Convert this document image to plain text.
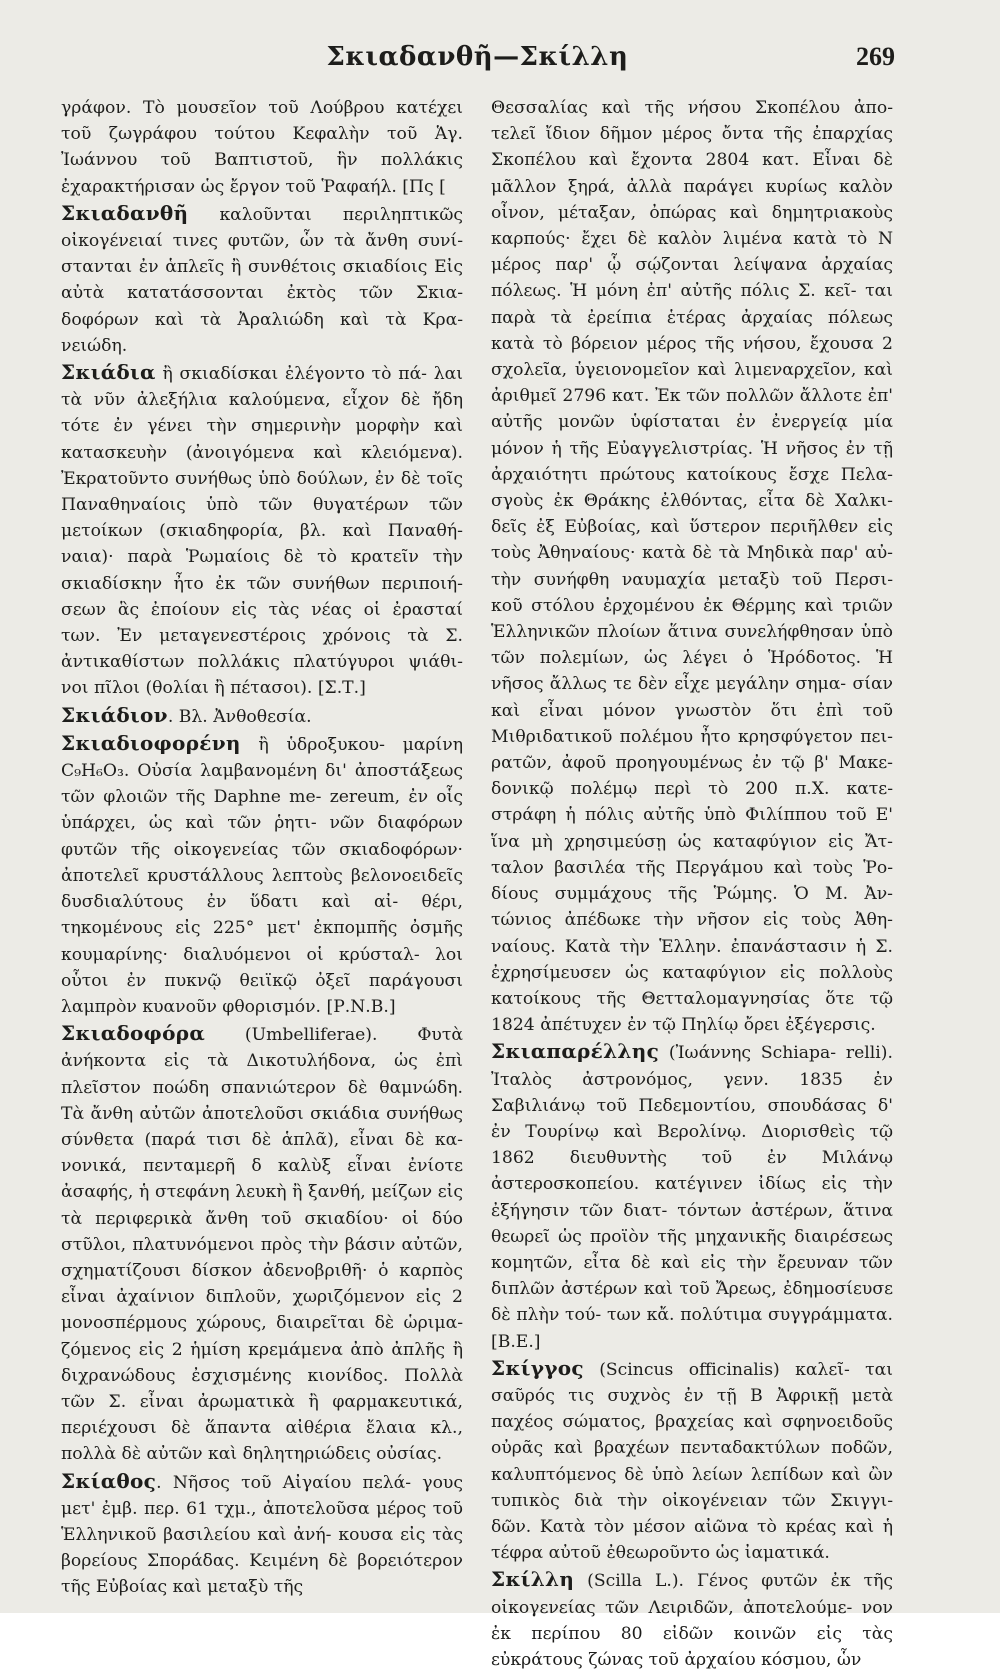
Σκιαδανθῆ—Σκίλλη	269

γράφον. Τὸ μουσεῖον τοῦ Λούβρου κατέχει τοῦ ζωγράφου τούτου Κεφαλὴν τοῦ Ἁγ. Ἰωάννου τοῦ Βαπτιστοῦ, ἣν πολλάκις ἐχαρακτήρισαν ὡς ἔργον τοῦ Ῥαφαήλ. [Πς [

Σκιαδανθῆ καλοῦνται περιληπτικῶς οἰκογένειαί τινες φυτῶν, ὧν τὰ ἄνθη συνί- στανται ἐν ἁπλεῖς ἢ συνθέτοις σκιαδίοις Εἰς αὐτὰ κατατάσσονται ἐκτὸς τῶν Σκια- δοφόρων καὶ τὰ Ἀραλιώδη καὶ τὰ Κρα- νειώδη.

Σκιάδια ἢ σκιαδίσκαι ἐλέγοντο τὸ πά- λαι τὰ νῦν ἀλεξήλια καλούμενα, εἶχον δὲ ἤδη τότε ἐν γένει τὴν σημερινὴν μορφὴν καὶ κατασκευὴν (ἀνοιγόμενα καὶ κλειόμενα). Ἐκρατοῦντο συνήθως ὑπὸ δούλων, ἐν δὲ τοῖς Παναθηναίοις ὑπὸ τῶν θυγατέρων τῶν μετοίκων (σκιαδηφορία, βλ. καὶ Παναθή- ναια)· παρὰ Ῥωμαίοις δὲ τὸ κρατεῖν τὴν σκιαδίσκην ἦτο ἐκ τῶν συνήθων περιποιή- σεων ἃς ἐποίουν εἰς τὰς νέας οἱ ἐρασταί των. Ἐν μεταγενεστέροις χρόνοις τὰ Σ. ἀντικαθίστων πολλάκις πλατύγυροι ψιάθι- νοι πῖλοι (θολίαι ἢ πέτασοι). [Σ.Τ.]

Σκιάδιον. Βλ. Ἀνθοθεσία.

Σκιαδιοφορένη ἢ ὑδροξυκου- μαρίνη C₉H₆O₃. Οὐσία λαμβανομένη δι' ἀποστάξεως τῶν φλοιῶν τῆς Daphne me- zereum, ἐν οἷς ὑπάρχει, ὡς καὶ τῶν ῥητι- νῶν διαφόρων φυτῶν τῆς οἰκογενείας τῶν σκιαδοφόρων· ἀποτελεῖ κρυστάλλους λεπτοὺς βελονοειδεῖς δυσδιαλύτους ἐν ὕδατι καὶ αἰ- θέρι, τηκομένους εἰς 225° μετ' ἐκπομπῆς ὀσμῆς κουμαρίνης· διαλυόμενοι οἱ κρύσταλ- λοι οὗτοι ἐν πυκνῷ θειϊκῷ ὀξεῖ παράγουσι λαμπρὸν κυανοῦν φθορισμόν. [Ρ.Ν.Β.]

Σκιαδοφόρα (Umbelliferae). Φυτὰ ἀνήκοντα εἰς τὰ Δικοτυλήδονα, ὡς ἐπὶ πλεῖστον ποώδη σπανιώτερον δὲ θαμνώδη. Τὰ ἄνθη αὐτῶν ἀποτελοῦσι σκιάδια συνήθως σύνθετα (παρά τισι δὲ ἁπλᾶ), εἶναι δὲ κα- νονικά, πενταμερῆ δ καλὺξ εἶναι ἐνίοτε ἀσαφής, ἡ στεφάνη λευκὴ ἢ ξανθή, μείζων εἰς τὰ περιφερικὰ ἄνθη τοῦ σκιαδίου· οἱ δύο στῦλοι, πλατυνόμενοι πρὸς τὴν βάσιν αὐτῶν, σχηματίζουσι δίσκον ἀδενοβριθῆ· ὁ καρπὸς εἶναι ἀχαίνιον διπλοῦν, χωριζόμενον εἰς 2 μονοσπέρμους χώρους, διαιρεῖται δὲ ὡριμα- ζόμενος εἰς 2 ἡμίση κρεμάμενα ἀπὸ ἀπλῆς ἢ διχρανώδους ἐσχισμένης κιονίδος. Πολλὰ τῶν Σ. εἶναι ἀρωματικὰ ἢ φαρμακευτικά, περιέχουσι δὲ ἅπαντα αἰθέρια ἔλαια κλ., πολλὰ δὲ αὐτῶν καὶ δηλητηριώδεις οὐσίας.

Σκίαθος. Νῆσος τοῦ Αἰγαίου πελά- γους μετ' ἐμβ. περ. 61 τχμ., ἀποτελοῦσα μέρος τοῦ Ἑλληνικοῦ βασιλείου καὶ ἀνή- κουσα εἰς τὰς βορείους Σποράδας. Κειμένη δὲ βορειότερον τῆς Εὐβοίας καὶ μεταξὺ τῆς

Θεσσαλίας καὶ τῆς νήσου Σκοπέλου ἀπο- τελεῖ ἴδιον δῆμον μέρος ὄντα τῆς ἐπαρχίας Σκοπέλου καὶ ἔχοντα 2804 κατ. Εἶναι δὲ μᾶλλον ξηρά, ἀλλὰ παράγει κυρίως καλὸν οἶνον, μέταξαν, ὀπώρας καὶ δημητριακοὺς καρπούς· ἔχει δὲ καλὸν λιμένα κατὰ τὸ Ν μέρος παρ' ᾧ σῴζονται λείψανα ἀρχαίας πόλεως. Ἡ μόνη ἐπ' αὐτῆς πόλις Σ. κεῖ- ται παρὰ τὰ ἐρείπια ἑτέρας ἀρχαίας πόλεως κατὰ τὸ βόρειον μέρος τῆς νήσου, ἔχουσα 2 σχολεῖα, ὑγειονομεῖον καὶ λιμεναρχεῖον, καὶ ἀριθμεῖ 2796 κατ. Ἐκ τῶν πολλῶν ἄλλοτε ἐπ' αὐτῆς μονῶν ὑφίσταται ἐν ἐνεργείᾳ μία μόνον ἡ τῆς Εὐαγγελιστρίας. Ἡ νῆσος ἐν τῇ ἀρχαιότητι πρώτους κατοίκους ἔσχε Πελα- σγοὺς ἐκ Θράκης ἐλθόντας, εἶτα δὲ Χαλκι- δεῖς ἐξ Εὐβοίας, καὶ ὕστερον περιῆλθεν εἰς τοὺς Ἀθηναίους· κατὰ δὲ τὰ Μηδικὰ παρ' αὐ- τὴν συνήφθη ναυμαχία μεταξὺ τοῦ Περσι- κοῦ στόλου ἐρχομένου ἐκ Θέρμης καὶ τριῶν Ἑλληνικῶν πλοίων ἅτινα συνελήφθησαν ὑπὸ τῶν πολεμίων, ὡς λέγει ὁ Ἡρόδοτος. Ἡ νῆσος ἄλλως τε δὲν εἶχε μεγάλην σημα- σίαν καὶ εἶναι μόνον γνωστὸν ὅτι ἐπὶ τοῦ Μιθριδατικοῦ πολέμου ἦτο κρησφύγετον πει- ρατῶν, ἀφοῦ προηγουμένως ἐν τῷ β' Μακε- δονικῷ πολέμῳ περὶ τὸ 200 π.Χ. κατε- στράφη ἡ πόλις αὐτῆς ὑπὸ Φιλίππου τοῦ Ε' ἵνα μὴ χρησιμεύσῃ ὡς καταφύγιον εἰς Ἄτ- ταλον βασιλέα τῆς Περγάμου καὶ τοὺς Ῥο- δίους συμμάχους τῆς Ῥώμης. Ὁ Μ. Ἀν- τώνιος ἀπέδωκε τὴν νῆσον εἰς τοὺς Ἀθη- ναίους. Κατὰ τὴν Ἑλλην. ἐπανάστασιν ἡ Σ. ἐχρησίμευσεν ὡς καταφύγιον εἰς πολλοὺς κατοίκους τῆς Θετταλομαγνησίας ὅτε τῷ 1824 ἀπέτυχεν ἐν τῷ Πηλίῳ ὄρει ἐξέγερσις.

Σκιαπαρέλλης (Ἰωάννης Schiapa- relli). Ἰταλὸς ἀστρονόμος, γενν. 1835 ἐν Σαβιλιάνῳ τοῦ Πεδεμοντίου, σπουδάσας δ' ἐν Τουρίνῳ καὶ Βερολίνῳ. Διορισθεὶς τῷ 1862 διευθυντὴς τοῦ ἐν Μιλάνῳ ἀστεροσκοπείου. κατέγινεν ἰδίως εἰς τὴν ἐξήγησιν τῶν διατ- τόντων ἀστέρων, ἅτινα θεωρεῖ ὡς προϊὸν τῆς μηχανικῆς διαιρέσεως κομητῶν, εἶτα δὲ καὶ εἰς τὴν ἔρευναν τῶν διπλῶν ἀστέρων καὶ τοῦ Ἄρεως, ἐδημοσίευσε δὲ πλὴν τού- των κἄ. πολύτιμα συγγράμματα. [Β.Ε.]

Σκίγγος (Scincus officinalis) καλεῖ- ται σαῦρός τις συχνὸς ἐν τῇ Β Ἀφρικῇ μετὰ παχέος σώματος, βραχείας καὶ σφηνοειδοῦς οὐρᾶς καὶ βραχέων πενταδακτύλων ποδῶν, καλυπτόμενος δὲ ὑπὸ λείων λεπίδων καὶ ὢν τυπικὸς διὰ τὴν οἰκογένειαν τῶν Σκιγγι- δῶν. Κατὰ τὸν μέσον αἰῶνα τὸ κρέας καὶ ἡ τέφρα αὐτοῦ ἐθεωροῦντο ὡς ἰαματικά.

Σκίλλη (Scilla L.). Γένος φυτῶν ἐκ τῆς οἰκογενείας τῶν Λειριδῶν, ἀποτελούμε- νον ἐκ περίπου 80 εἰδῶν κοινῶν εἰς τὰς εὐκράτους ζώνας τοῦ ἀρχαίου κόσμου, ὧν
